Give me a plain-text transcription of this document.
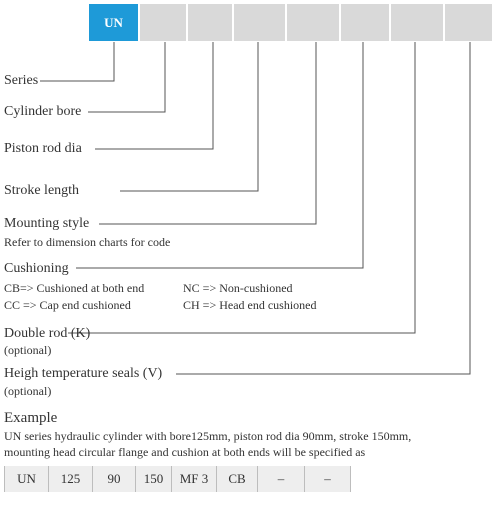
UN
Series
Cylinder bore
Piston rod dia
Stroke length
Mounting style
Refer to dimension charts for code
Cushioning
CB=> Cushioned at both end	NC => Non-cushioned
CC => Cap end cushioned	CH => Head end cushioned
Double rod (K)
(optional)
Heigh temperature seals (V)
(optional)
Example
UN series hydraulic cylinder with bore125mm, piston rod dia 90mm, stroke 150mm,
mounting head circular flange and cushion at both ends will be specified as
UN	125	90	150	MF 3	CB	–	–
